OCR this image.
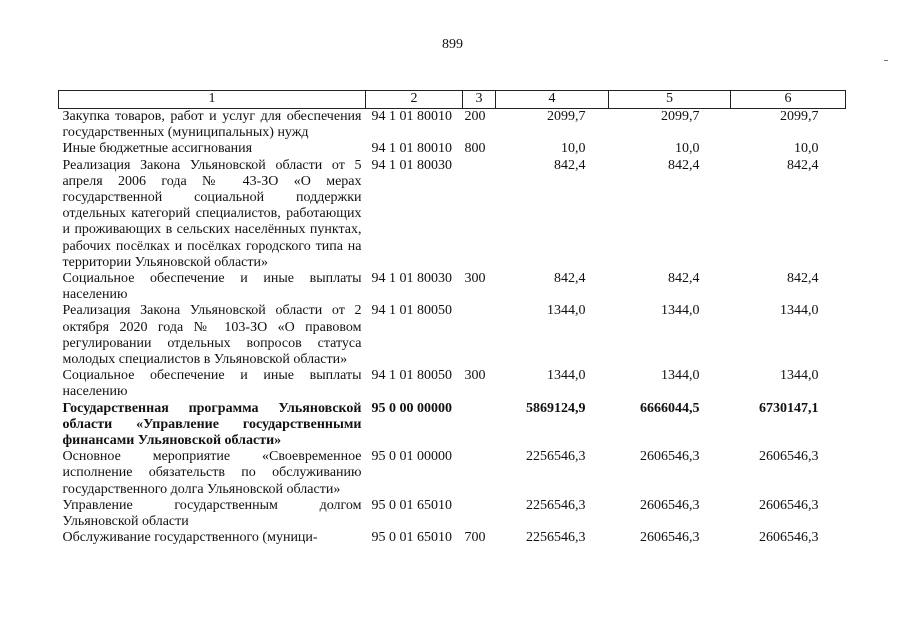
899
1	2	3	4	5	6
Закупка товаров, работ и услуг для обеспечения государственных (муниципальных) нужд	94 1 01 80010	200	2099,7	2099,7	2099,7
Иные бюджетные ассигнования	94 1 01 80010	800	10,0	10,0	10,0
Реализация Закона Ульяновской области от 5 апреля 2006 года № 43-ЗО «О мерах государственной социальной поддержки отдельных категорий специалистов, работающих и проживающих в сельских населённых пунктах, рабочих посёлках и посёлках городского типа на территории Ульяновской области»	94 1 01 80030		842,4	842,4	842,4
Социальное обеспечение и иные выплаты населению	94 1 01 80030	300	842,4	842,4	842,4
Реализация Закона Ульяновской области от 2 октября 2020 года № 103-ЗО «О правовом регулировании отдельных вопросов статуса молодых специалистов в Ульяновской области»	94 1 01 80050		1344,0	1344,0	1344,0
Социальное обеспечение и иные выплаты населению	94 1 01 80050	300	1344,0	1344,0	1344,0
Государственная программа Ульяновской области «Управление государственными финансами Ульяновской области»	95 0 00 00000		5869124,9	6666044,5	6730147,1
Основное мероприятие «Своевременное исполнение обязательств по обслуживанию государственного долга Ульяновской области»	95 0 01 00000		2256546,3	2606546,3	2606546,3
Управление государственным долгом Ульяновской области	95 0 01 65010		2256546,3	2606546,3	2606546,3
Обслуживание государственного (муници-	95 0 01 65010	700	2256546,3	2606546,3	2606546,3
